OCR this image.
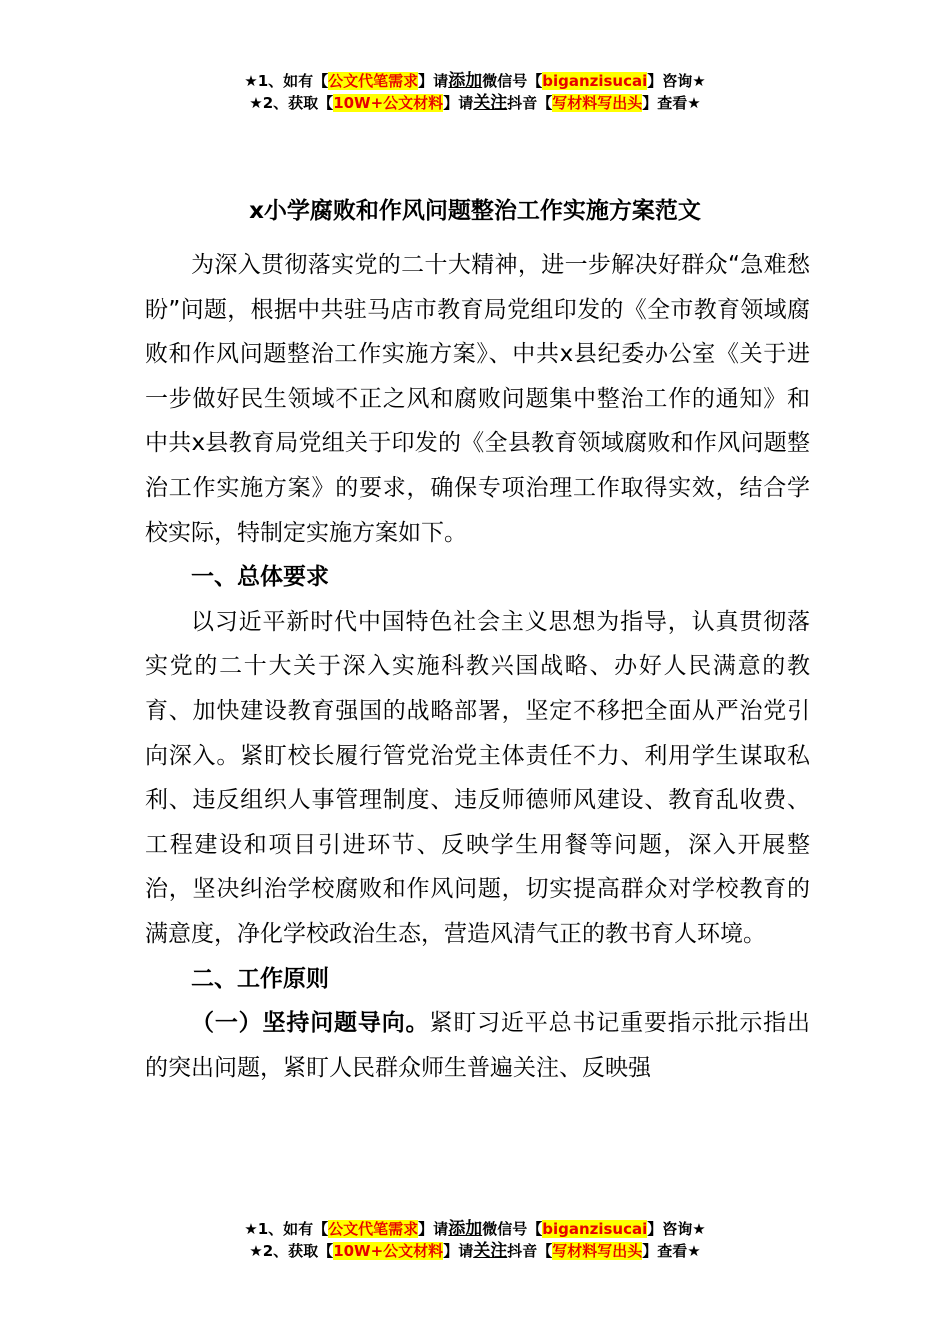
★1、如有【公文代笔需求】请添加微信号【biganzisucai】咨询★
★2、获取【10W+公文材料】请关注抖音【写材料写出头】查看★
x小学腐败和作风问题整治工作实施方案范文

为深入贯彻落实党的二十大精神，进一步解决好群众“急难愁盼”问题，根据中共驻马店市教育局党组印发的《全市教育领域腐败和作风问题整治工作实施方案》、中共x县纪委办公室《关于进一步做好民生领域不正之风和腐败问题集中整治工作的通知》和中共x县教育局党组关于印发的《全县教育领域腐败和作风问题整治工作实施方案》的要求，确保专项治理工作取得实效，结合学校实际，特制定实施方案如下。

一、总体要求

以习近平新时代中国特色社会主义思想为指导，认真贯彻落实党的二十大关于深入实施科教兴国战略、办好人民满意的教育、加快建设教育强国的战略部署，坚定不移把全面从严治党引向深入。紧盯校长履行管党治党主体责任不力、利用学生谋取私利、违反组织人事管理制度、违反师德师风建设、教育乱收费、工程建设和项目引进环节、反映学生用餐等问题，深入开展整治，坚决纠治学校腐败和作风问题，切实提高群众对学校教育的满意度，净化学校政治生态，营造风清气正的教书育人环境。

二、工作原则

（一）坚持问题导向。紧盯习近平总书记重要指示批示指出的突出问题，紧盯人民群众师生普遍关注、反映强

★1、如有【公文代笔需求】请添加微信号【biganzisucai】咨询★
★2、获取【10W+公文材料】请关注抖音【写材料写出头】查看★
